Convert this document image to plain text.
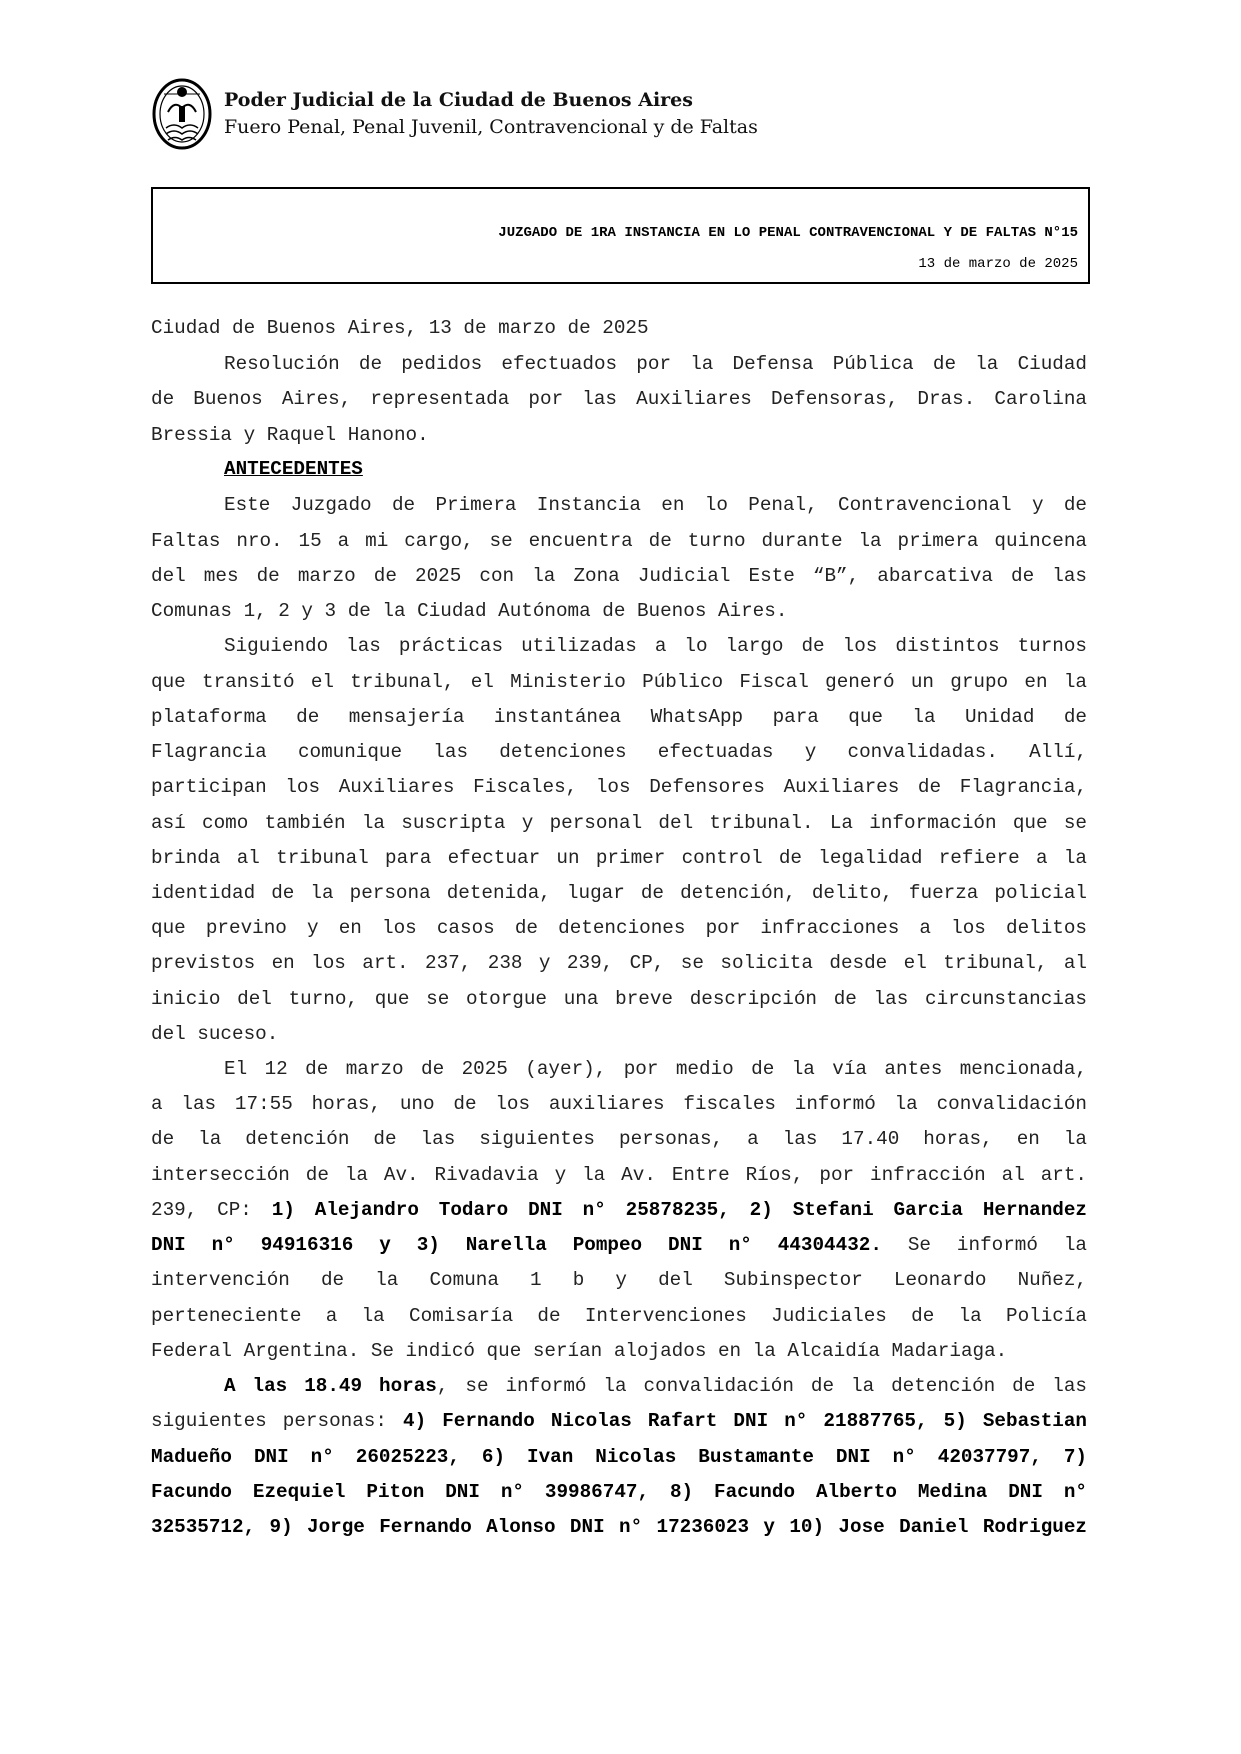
Poder Judicial de la Ciudad de Buenos Aires
Fuero Penal, Penal Juvenil, Contravencional y de Faltas
JUZGADO DE 1RA INSTANCIA EN LO PENAL CONTRAVENCIONAL Y DE FALTAS N°15
13 de marzo de 2025
Ciudad de Buenos Aires, 13 de marzo de 2025
Resolución de pedidos efectuados por la Defensa Pública de la Ciudad
de Buenos Aires, representada por las Auxiliares Defensoras, Dras. Carolina
Bressia y Raquel Hanono.
ANTECEDENTES
Este Juzgado de Primera Instancia en lo Penal, Contravencional y de
Faltas nro. 15 a mi cargo, se encuentra de turno durante la primera quincena
del mes de marzo de 2025 con la Zona Judicial Este “B”, abarcativa de las
Comunas 1, 2 y 3 de la Ciudad Autónoma de Buenos Aires.
Siguiendo las prácticas utilizadas a lo largo de los distintos turnos
que transitó el tribunal, el Ministerio Público Fiscal generó un grupo en la
plataforma de mensajería instantánea WhatsApp para que la Unidad de
Flagrancia comunique las detenciones efectuadas y convalidadas. Allí,
participan los Auxiliares Fiscales, los Defensores Auxiliares de Flagrancia,
así como también la suscripta y personal del tribunal. La información que se
brinda al tribunal para efectuar un primer control de legalidad refiere a la
identidad de la persona detenida, lugar de detención, delito, fuerza policial
que previno y en los casos de detenciones por infracciones a los delitos
previstos en los art. 237, 238 y 239, CP, se solicita desde el tribunal, al
inicio del turno, que se otorgue una breve descripción de las circunstancias
del suceso.
El 12 de marzo de 2025 (ayer), por medio de la vía antes mencionada,
a las 17:55 horas, uno de los auxiliares fiscales informó la convalidación
de la detención de las siguientes personas, a las 17.40 horas, en la
intersección de la Av. Rivadavia y la Av. Entre Ríos, por infracción al art.
239, CP: 1) Alejandro Todaro DNI n° 25878235, 2) Stefani Garcia Hernandez
DNI n° 94916316 y 3) Narella Pompeo DNI n° 44304432. Se informó la
intervención de la Comuna 1 b y del Subinspector Leonardo Nuñez,
perteneciente a la Comisaría de Intervenciones Judiciales de la Policía
Federal Argentina. Se indicó que serían alojados en la Alcaidía Madariaga.
A las 18.49 horas, se informó la convalidación de la detención de las
siguientes personas: 4) Fernando Nicolas Rafart DNI n° 21887765, 5) Sebastian
Madueño DNI n° 26025223, 6) Ivan Nicolas Bustamante DNI n° 42037797, 7)
Facundo Ezequiel Piton DNI n° 39986747, 8) Facundo Alberto Medina DNI n°
32535712, 9) Jorge Fernando Alonso DNI n° 17236023 y 10) Jose Daniel Rodriguez
